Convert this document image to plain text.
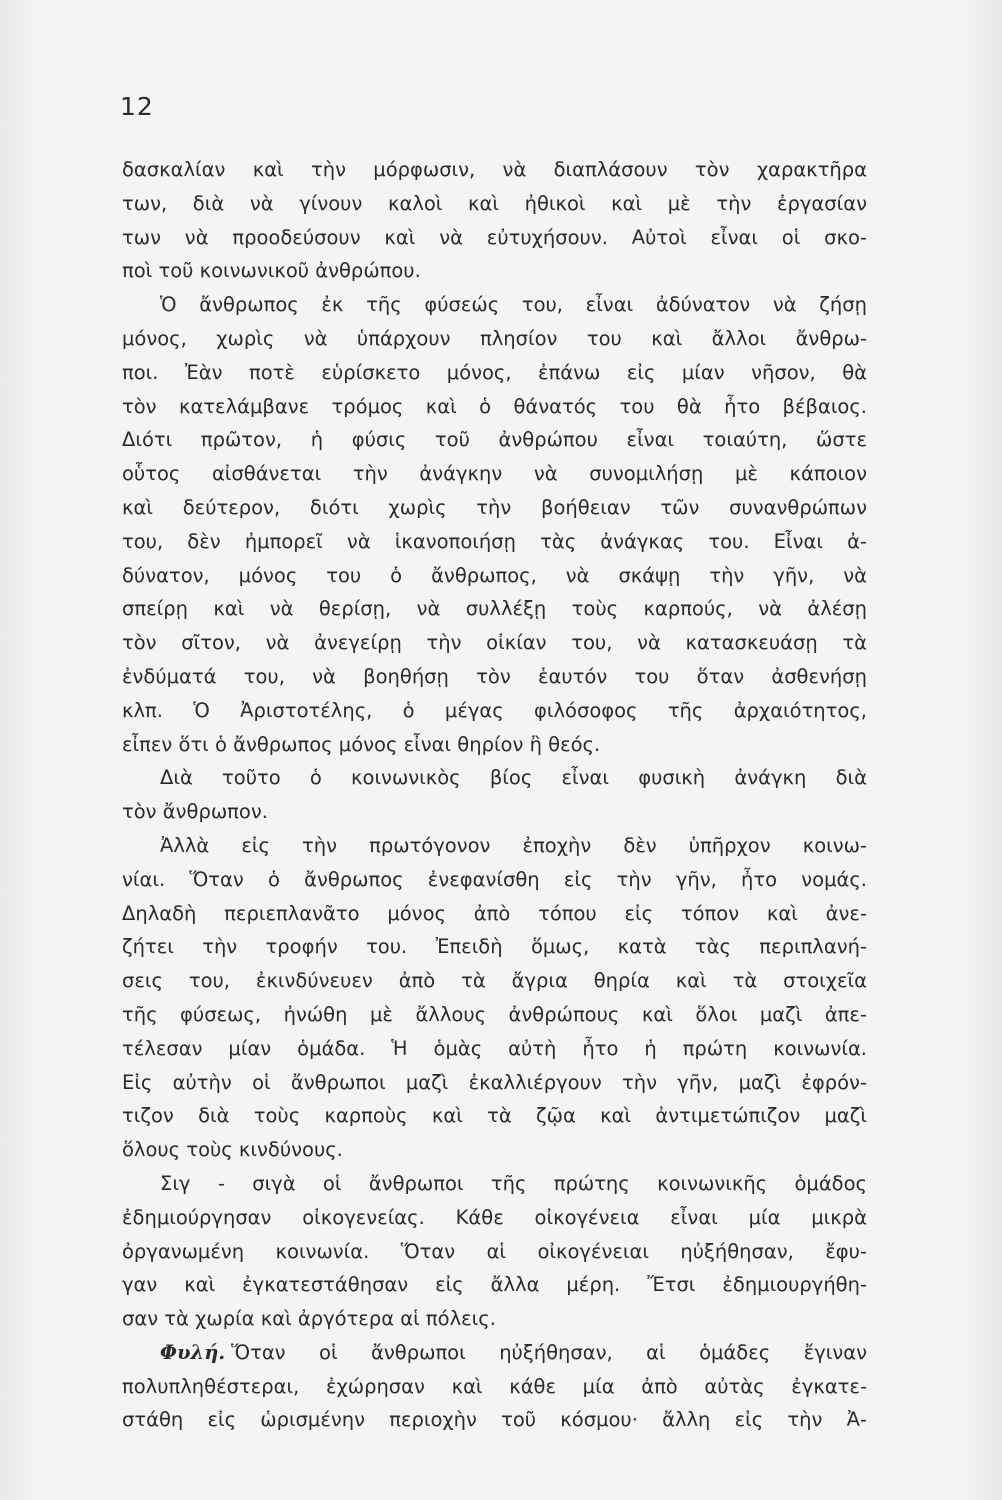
12
δασκαλίαν καὶ τὴν μόρφωσιν, νὰ διαπλάσουν τὸν χαρακτῆρα
των, διὰ νὰ γίνουν καλοὶ καὶ ἠθικοὶ καὶ μὲ τὴν ἐργασίαν
των νὰ προοδεύσουν καὶ νὰ εὐτυχήσουν. Αὐτοὶ εἶναι οἱ σκο-
ποὶ τοῦ κοινωνικοῦ ἀνθρώπου.
Ὁ ἄνθρωπος ἐκ τῆς φύσεώς του, εἶναι ἀδύνατον νὰ ζήσῃ
μόνος, χωρὶς νὰ ὑπάρχουν πλησίον του καὶ ἄλλοι ἄνθρω-
ποι. Ἐὰν ποτὲ εὑρίσκετο μόνος, ἐπάνω εἰς μίαν νῆσον, θὰ
τὸν κατελάμβανε τρόμος καὶ ὁ θάνατός του θὰ ἦτο βέβαιος.
Διότι πρῶτον, ἡ φύσις τοῦ ἀνθρώπου εἶναι τοιαύτη, ὥστε
οὗτος αἰσθάνεται τὴν ἀνάγκην νὰ συνομιλήσῃ μὲ κάποιον
καὶ δεύτερον, διότι χωρὶς τὴν βοήθειαν τῶν συνανθρώπων
του, δὲν ἠμπορεῖ νὰ ἱκανοποιήσῃ τὰς ἀνάγκας του. Εἶναι ἀ-
δύνατον, μόνος του ὁ ἄνθρωπος, νὰ σκάψῃ τὴν γῆν, νὰ
σπείρῃ καὶ νὰ θερίσῃ, νὰ συλλέξῃ τοὺς καρπούς, νὰ ἀλέσῃ
τὸν σῖτον, νὰ ἀνεγείρῃ τὴν οἰκίαν του, νὰ κατασκευάσῃ τὰ
ἐνδύματά του, νὰ βοηθήσῃ τὸν ἑαυτόν του ὅταν ἀσθενήσῃ
κλπ. Ὁ Ἀριστοτέλης, ὁ μέγας φιλόσοφος τῆς ἀρχαιότητος,
εἶπεν ὅτι ὁ ἄνθρωπος μόνος εἶναι θηρίον ἢ θεός.
Διὰ τοῦτο ὁ κοινωνικὸς βίος εἶναι φυσικὴ ἀνάγκη διὰ
τὸν ἄνθρωπον.
Ἀλλὰ εἰς τὴν πρωτόγονον ἐποχὴν δὲν ὑπῆρχον κοινω-
νίαι. Ὅταν ὁ ἄνθρωπος ἐνεφανίσθη εἰς τὴν γῆν, ἦτο νομάς.
Δηλαδὴ περιεπλανᾶτο μόνος ἀπὸ τόπου εἰς τόπον καὶ ἀνε-
ζήτει τὴν τροφήν του. Ἐπειδὴ ὅμως, κατὰ τὰς περιπλανή-
σεις του, ἐκινδύνευεν ἀπὸ τὰ ἄγρια θηρία καὶ τὰ στοιχεῖα
τῆς φύσεως, ἠνώθη μὲ ἄλλους ἀνθρώπους καὶ ὅλοι μαζὶ ἀπε-
τέλεσαν μίαν ὁμάδα. Ἡ ὁμὰς αὐτὴ ἦτο ἡ πρώτη κοινωνία.
Εἰς αὐτὴν οἱ ἄνθρωποι μαζὶ ἐκαλλιέργουν τὴν γῆν, μαζὶ ἐφρόν-
τιζον διὰ τοὺς καρποὺς καὶ τὰ ζῷα καὶ ἀντιμετώπιζον μαζὶ
ὅλους τοὺς κινδύνους.
Σιγ - σιγὰ οἱ ἄνθρωποι τῆς πρώτης κοινωνικῆς ὁμάδος
ἐδημιούργησαν οἰκογενείας. Κάθε οἰκογένεια εἶναι μία μικρὰ
ὀργανωμένη κοινωνία. Ὅταν αἱ οἰκογένειαι ηὐξήθησαν, ἔφυ-
γαν καὶ ἐγκατεστάθησαν εἰς ἄλλα μέρη. Ἔτσι ἐδημιουργήθη-
σαν τὰ χωρία καὶ ἀργότερα αἱ πόλεις.
Φυλή. Ὅταν οἱ ἄνθρωποι ηὐξήθησαν, αἱ ὁμάδες ἔγιναν
πολυπληθέστεραι, ἐχώρησαν καὶ κάθε μία ἀπὸ αὐτὰς ἐγκατε-
στάθη εἰς ὡρισμένην περιοχὴν τοῦ κόσμου· ἄλλη εἰς τὴν Ἀ-
